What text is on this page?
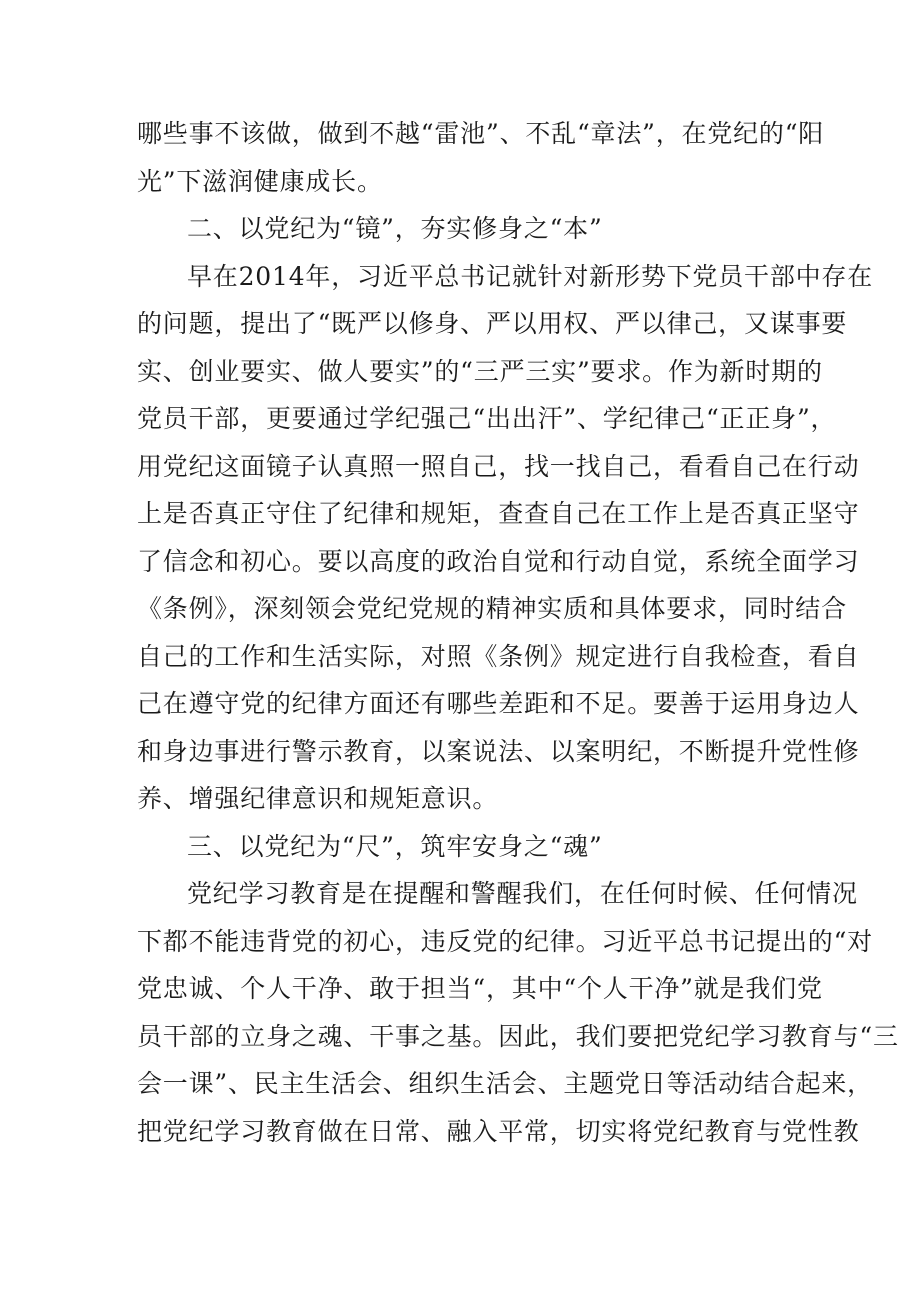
哪些事不该做，做到不越“雷池”、不乱“章法”，在党纪的“阳
光”下滋润健康成长。
二、以党纪为“镜”，夯实修身之“本”
早在2014年，习近平总书记就针对新形势下党员干部中存在
的问题，提出了“既严以修身、严以用权、严以律己，又谋事要
实、创业要实、做人要实”的“三严三实”要求。作为新时期的
党员干部，更要通过学纪强己“出出汗”、学纪律己“正正身”，
用党纪这面镜子认真照一照自己，找一找自己，看看自己在行动
上是否真正守住了纪律和规矩，查查自己在工作上是否真正坚守
了信念和初心。要以高度的政治自觉和行动自觉，系统全面学习
《条例》，深刻领会党纪党规的精神实质和具体要求，同时结合
自己的工作和生活实际，对照《条例》规定进行自我检查，看自
己在遵守党的纪律方面还有哪些差距和不足。要善于运用身边人
和身边事进行警示教育，以案说法、以案明纪，不断提升党性修
养、增强纪律意识和规矩意识。
三、以党纪为“尺”，筑牢安身之“魂”
党纪学习教育是在提醒和警醒我们，在任何时候、任何情况
下都不能违背党的初心，违反党的纪律。习近平总书记提出的“对
党忠诚、个人干净、敢于担当“，其中“个人干净”就是我们党
员干部的立身之魂、干事之基。因此，我们要把党纪学习教育与“三
会一课”、民主生活会、组织生活会、主题党日等活动结合起来，
把党纪学习教育做在日常、融入平常，切实将党纪教育与党性教
